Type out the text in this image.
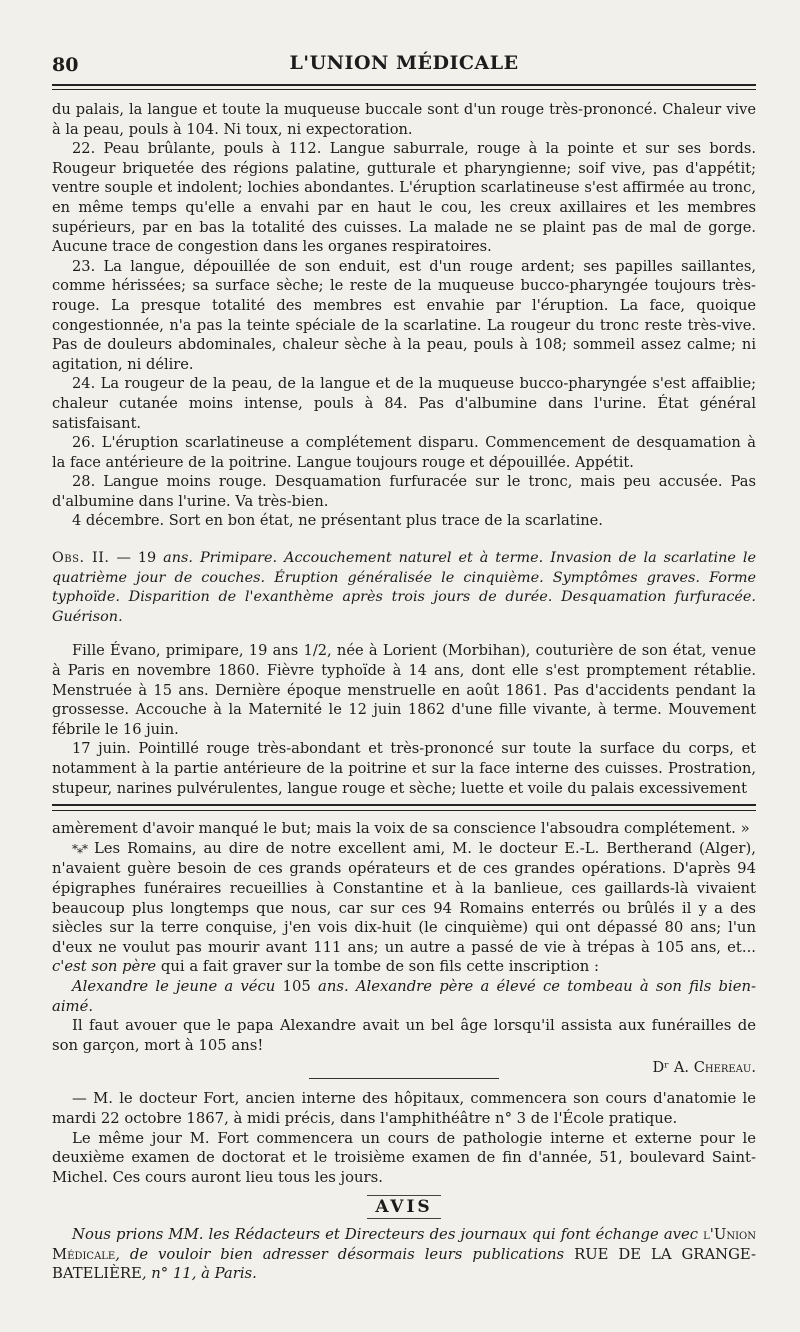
80	L'UNION MÉDICALE

du palais, la langue et toute la muqueuse buccale sont d'un rouge très-prononcé. Chaleur vive à la peau, pouls à 104. Ni toux, ni expectoration.

22. Peau brûlante, pouls à 112. Langue saburrale, rouge à la pointe et sur ses bords. Rougeur briquetée des régions palatine, gutturale et pharyngienne; soif vive, pas d'appétit; ventre souple et indolent; lochies abondantes. L'éruption scarlatineuse s'est affirmée au tronc, en même temps qu'elle a envahi par en haut le cou, les creux axillaires et les membres supérieurs, par en bas la totalité des cuisses. La malade ne se plaint pas de mal de gorge. Aucune trace de congestion dans les organes respiratoires.

23. La langue, dépouillée de son enduit, est d'un rouge ardent; ses papilles saillantes, comme hérissées; sa surface sèche; le reste de la muqueuse bucco-pharyngée toujours très-rouge. La presque totalité des membres est envahie par l'éruption. La face, quoique congestionnée, n'a pas la teinte spéciale de la scarlatine. La rougeur du tronc reste très-vive. Pas de douleurs abdominales, chaleur sèche à la peau, pouls à 108; sommeil assez calme; ni agitation, ni délire.

24. La rougeur de la peau, de la langue et de la muqueuse bucco-pharyngée s'est affaiblie; chaleur cutanée moins intense, pouls à 84. Pas d'albumine dans l'urine. État général satisfaisant.

26. L'éruption scarlatineuse a complétement disparu. Commencement de desquamation à la face antérieure de la poitrine. Langue toujours rouge et dépouillée. Appétit.

28. Langue moins rouge. Desquamation furfuracée sur le tronc, mais peu accusée. Pas d'albumine dans l'urine. Va très-bien.

4 décembre. Sort en bon état, ne présentant plus trace de la scarlatine.

Obs. II. — 19 ans. Primipare. Accouchement naturel et à terme. Invasion de la scarlatine le quatrième jour de couches. Éruption généralisée le cinquième. Symptômes graves. Forme typhoïde. Disparition de l'exanthème après trois jours de durée. Desquamation furfuracée. Guérison.

Fille Évano, primipare, 19 ans 1/2, née à Lorient (Morbihan), couturière de son état, venue à Paris en novembre 1860. Fièvre typhoïde à 14 ans, dont elle s'est promptement rétablie. Menstruée à 15 ans. Dernière époque menstruelle en août 1861. Pas d'accidents pendant la grossesse. Accouche à la Maternité le 12 juin 1862 d'une fille vivante, à terme. Mouvement fébrile le 16 juin.

17 juin. Pointillé rouge très-abondant et très-prononcé sur toute la surface du corps, et notamment à la partie antérieure de la poitrine et sur la face interne des cuisses. Prostration, stupeur, narines pulvérulentes, langue rouge et sèche; luette et voile du palais excessivement

amèrement d'avoir manqué le but; mais la voix de sa conscience l'absoudra complétement. »

*⁎* Les Romains, au dire de notre excellent ami, M. le docteur E.-L. Bertherand (Alger), n'avaient guère besoin de ces grands opérateurs et de ces grandes opérations. D'après 94 épigraphes funéraires recueillies à Constantine et à la banlieue, ces gaillards-là vivaient beaucoup plus longtemps que nous, car sur ces 94 Romains enterrés ou brûlés il y a des siècles sur la terre conquise, j'en vois dix-huit (le cinquième) qui ont dépassé 80 ans; l'un d'eux ne voulut pas mourir avant 111 ans; un autre a passé de vie à trépas à 105 ans, et... c'est son père qui a fait graver sur la tombe de son fils cette inscription :

Alexandre le jeune a vécu 105 ans. Alexandre père a élevé ce tombeau à son fils bien-aimé.

Il faut avouer que le papa Alexandre avait un bel âge lorsqu'il assista aux funérailles de son garçon, mort à 105 ans!

Dʳ A. Chereau.

— M. le docteur Fort, ancien interne des hôpitaux, commencera son cours d'anatomie le mardi 22 octobre 1867, à midi précis, dans l'amphithéâtre n° 3 de l'École pratique.

Le même jour M. Fort commencera un cours de pathologie interne et externe pour le deuxième examen de doctorat et le troisième examen de fin d'année, 51, boulevard Saint-Michel. Ces cours auront lieu tous les jours.

AVIS

Nous prions MM. les Rédacteurs et Directeurs des journaux qui font échange avec l'Union Médicale, de vouloir bien adresser désormais leurs publications RUE DE LA GRANGE-BATELIÈRE, n° 11, à Paris.
